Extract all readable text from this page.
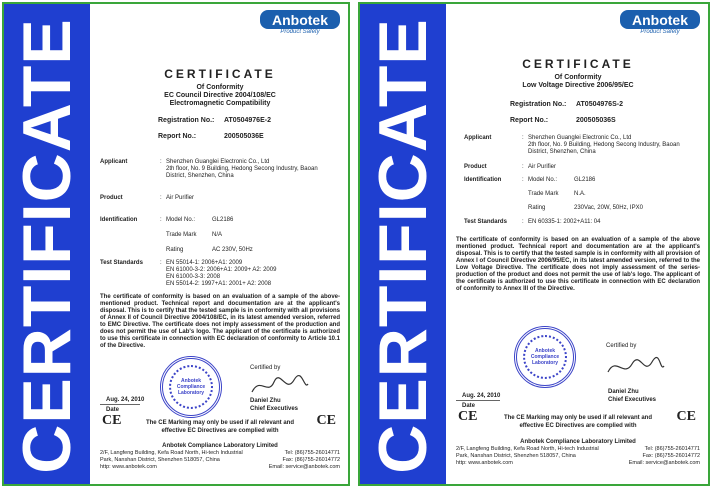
CERTIFICATE	Anbotek
Product Safety
CERTIFICATE
Of Conformity
EC Council Directive 2004/108/EC
Electromagnetic Compatibility
Registration No.: AT0504976E-2
Report No.:	200505036E
Applicant	: Shenzhen Guanglei Electronic Co., Ltd
2th floor, No. 9 Building, Hedong Secong Industry, Baoan
District, Shenzhen, China
Product	: Air Purifier
Identification	: Model No.:	GL2186
Trade Mark	N/A
Rating	AC 230V, 50Hz
Test Standards	: EN 55014-1: 2006+A1: 2009
EN 61000-3-2: 2006+A1: 2009+ A2: 2009
EN 61000-3-3: 2008
EN 55014-2: 1997+A1: 2001+ A2: 2008
The certificate of conformity is based on an evaluation of a sample of the above-mentioned product. Technical report and documentation are at the applicant's disposal. This is to certify that the tested sample is in conformity with all provisions of Annex II of Council Directive 2004/108/EC, in its latest amended version, referred to EMC Directive. The certificate does not imply assessment of the production and does not permit the use of Lab's logo. The applicant of the certificate is authorized to use this certificate in connection with EC declaration of conformity to Article 10.1 of the Directive.
Certified by
Anbotek Compliance Laboratory
Aug. 24, 2010
Date
Daniel Zhu
Chief Executives
CE	CE
The CE Marking may only be used if all relevant and
effective EC Directives are complied with
Anbotek Compliance Laboratory Limited
2/F, Langfeng Building, Kefa Road North, Hi-tech Industrial	Tel: (86)755-26014771
Park, Nanshan District, Shenzhen 518057, China	Fax: (86)755-26014772
http: www.anbotek.com	Email: service@anbotek.com CERTIFICATE	Anbotek
Product Safety
CERTIFICATE
Of Conformity
Low Voltage Directive 2006/95/EC
Registration No.: AT0504976S-2
Report No.:	200505036S
Applicant	: Shenzhen Guanglei Electronic Co., Ltd
2th floor, No. 9 Building, Hedong Secong Industry, Baoan
District, Shenzhen, China
Product	: Air Purifier
Identification	: Model No.:	GL2186
Trade Mark	N.A.
Rating	230Vac, 20W, 50Hz, IPX0
Test Standards	: EN 60335-1: 2002+A11: 04
The certificate of conformity is based on an evaluation of a sample of the above mentioned product. Technical report and documentation are at the applicant's disposal. This is to certify that the tested sample is in conformity with all provision of Annex I of Council Directive 2006/95/EC, in its latest amended version, referred to the Low Voltage Directive. The certificate does not imply assessment of the series-production of the product and does not permit the use of lab's logo. The applicant of the certificate is authorized to use this certificate in connection with EC declaration of conformity to Annex III of the Directive.
Certified by
Anbotek Compliance Laboratory
Aug. 24, 2010
Date
Daniel Zhu
Chief Executives
CE	CE
The CE Marking may only be used if all relevant and
effective EC Directives are complied with
Anbotek Compliance Laboratory Limited
2/F, Langfeng Building, Kefa Road North, Hi-tech Industrial	Tel: (86)755-26014771
Park, Nanshan District, Shenzhen 518057, China	Fax: (86)755-26014772
http: www.anbotek.com	Email: service@anbotek.com
